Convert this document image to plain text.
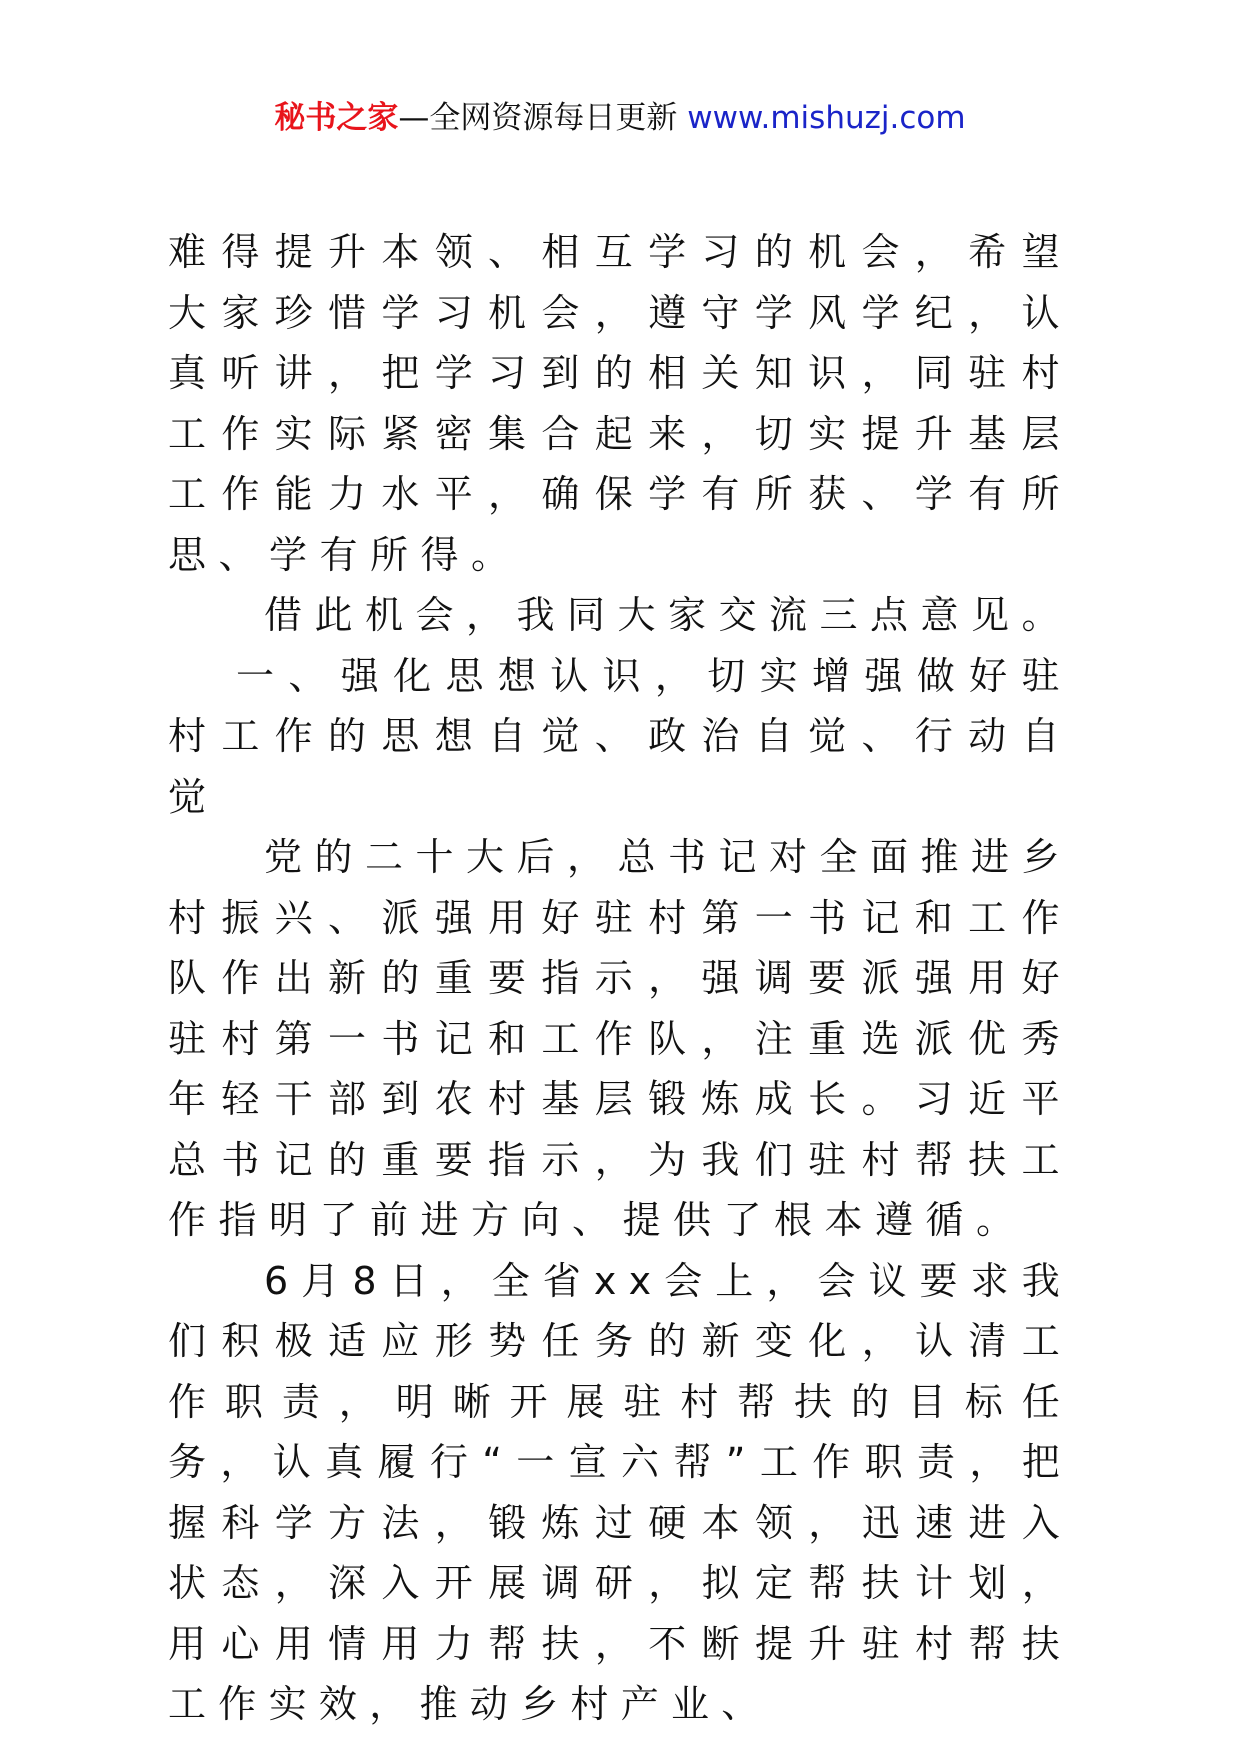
秘书之家—全网资源每日更新 www.mishuzj.com

难得提升本领、相互学习的机会，希望大家珍惜学习机会，遵守学风学纪，认真听讲，把学习到的相关知识，同驻村工作实际紧密集合起来，切实提升基层工作能力水平，确保学有所获、学有所思、学有所得。

借此机会，我同大家交流三点意见。

一、强化思想认识，切实增强做好驻村工作的思想自觉、政治自觉、行动自觉

党的二十大后，总书记对全面推进乡村振兴、派强用好驻村第一书记和工作队作出新的重要指示，强调要派强用好驻村第一书记和工作队，注重选派优秀年轻干部到农村基层锻炼成长。习近平总书记的重要指示，为我们驻村帮扶工作指明了前进方向、提供了根本遵循。

6月8日，全省xx会上，会议要求我们积极适应形势任务的新变化，认清工作职责，明晰开展驻村帮扶的目标任务，认真履行“一宣六帮”工作职责，把握科学方法，锻炼过硬本领，迅速进入状态，深入开展调研，拟定帮扶计划，用心用情用力帮扶，不断提升驻村帮扶工作实效，推动乡村产业、
